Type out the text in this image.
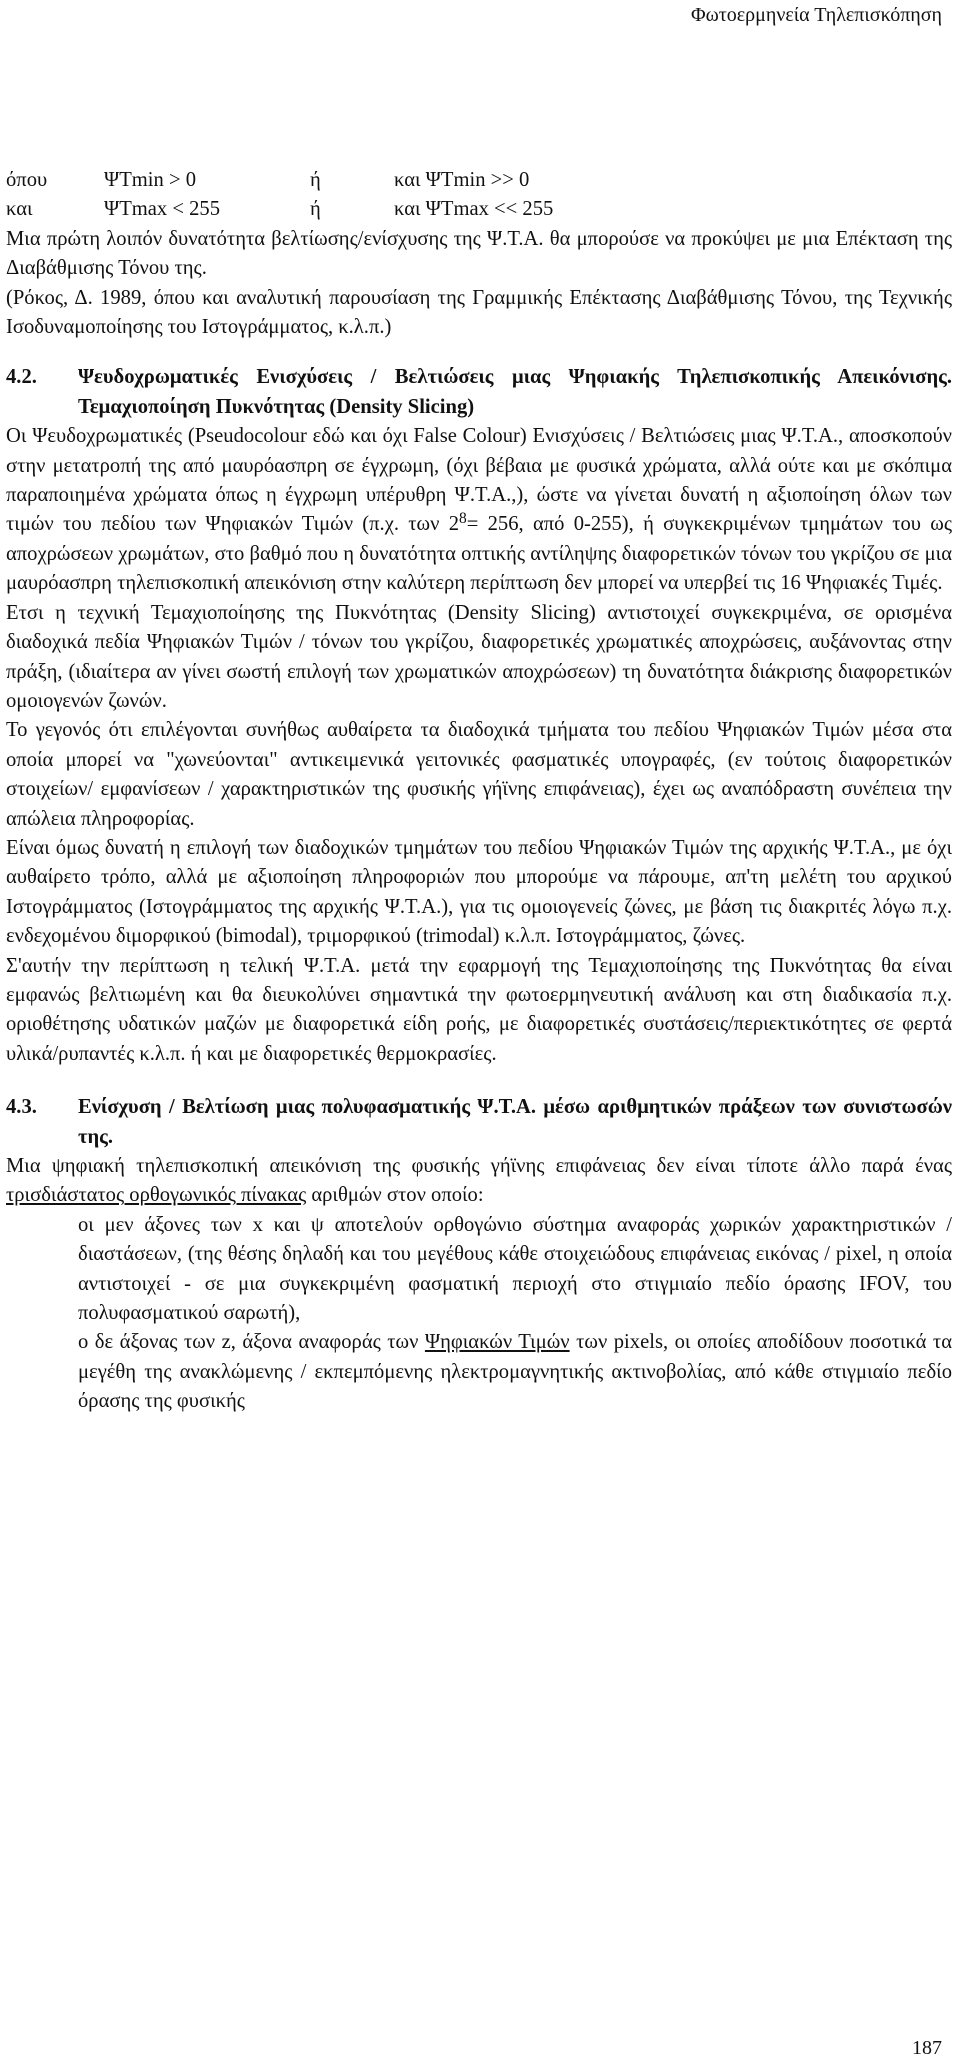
Φωτοερμηνεία Τηλεπισκόπηση
όπου	ΨTmin > 0	ή	και ΨTmin >> 0
και	ΨTmax < 255	ή	και ΨTmax << 255

Μια πρώτη λοιπόν δυνατότητα βελτίωσης/ενίσχυσης της Ψ.Τ.Α. θα μπορούσε να προκύψει με μια Επέκταση της Διαβάθμισης Τόνου της.

(Ρόκος, Δ. 1989, όπου και αναλυτική παρουσίαση της Γραμμικής Επέκτασης Διαβάθμισης Τόνου, της Τεχνικής Ισοδυναμοποίησης του Ιστογράμματος, κ.λ.π.)

4.2.	Ψευδοχρωματικές Ενισχύσεις / Βελτιώσεις μιας Ψηφιακής Τηλεπισκοπικής Απεικόνισης. Τεμαχιοποίηση Πυκνότητας (Density Slicing)

Οι Ψευδοχρωματικές (Pseudocolour εδώ και όχι False Colour) Ενισχύσεις / Βελτιώσεις μιας Ψ.Τ.Α., αποσκοπούν στην μετατροπή της από μαυρόασπρη σε έγχρωμη, (όχι βέβαια με φυσικά χρώματα, αλλά ούτε και με σκόπιμα παραποιημένα χρώματα όπως η έγχρωμη υπέρυθρη Ψ.Τ.Α.,), ώστε να γίνεται δυνατή η αξιοποίηση όλων των τιμών του πεδίου των Ψηφιακών Τιμών (π.χ. των $2^8= 256$, από 0-255), ή συγκεκριμένων τμημάτων του ως αποχρώσεων χρωμάτων, στο βαθμό που η δυνατότητα οπτικής αντίληψης διαφορετικών τόνων του γκρίζου σε μια μαυρόασπρη τηλεπισκοπική απεικόνιση στην καλύτερη περίπτωση δεν μπορεί να υπερβεί τις 16 Ψηφιακές Τιμές.

Ετσι η τεχνική Τεμαχιοποίησης της Πυκνότητας (Density Slicing) αντιστοιχεί συγκεκριμένα, σε ορισμένα διαδοχικά πεδία Ψηφιακών Τιμών / τόνων του γκρίζου, διαφορετικές χρωματικές αποχρώσεις, αυξάνοντας στην πράξη, (ιδιαίτερα αν γίνει σωστή επιλογή των χρωματικών αποχρώσεων) τη δυνατότητα διάκρισης διαφορετικών ομοιογενών ζωνών.

Το γεγονός ότι επιλέγονται συνήθως αυθαίρετα τα διαδοχικά τμήματα του πεδίου Ψηφιακών Τιμών μέσα στα οποία μπορεί να "χωνεύονται" αντικειμενικά γειτονικές φασματικές υπογραφές, (εν τούτοις διαφορετικών στοιχείων/ εμφανίσεων / χαρακτηριστικών της φυσικής γήϊνης επιφάνειας), έχει ως αναπόδραστη συνέπεια την απώλεια πληροφορίας.

Είναι όμως δυνατή η επιλογή των διαδοχικών τμημάτων του πεδίου Ψηφιακών Τιμών της αρχικής Ψ.Τ.Α., με όχι αυθαίρετο τρόπο, αλλά με αξιοποίηση πληροφοριών που μπορούμε να πάρουμε, απ'τη μελέτη του αρχικού Ιστογράμματος (Ιστογράμματος της αρχικής Ψ.Τ.Α.), για τις ομοιογενείς ζώνες, με βάση τις διακριτές λόγω π.χ. ενδεχομένου διμορφικού (bimodal), τριμορφικού (trimodal) κ.λ.π. Ιστογράμματος, ζώνες.

Σ'αυτήν την περίπτωση η τελική Ψ.Τ.Α. μετά την εφαρμογή της Τεμαχιοποίησης της Πυκνότητας θα είναι εμφανώς βελτιωμένη και θα διευκολύνει σημαντικά την φωτοερμηνευτική ανάλυση και στη διαδικασία π.χ. οριοθέτησης υδατικών μαζών με διαφορετικά είδη ροής, με διαφορετικές συστάσεις/περιεκτικότητες σε φερτά υλικά/ρυπαντές κ.λ.π. ή και με διαφορετικές θερμοκρασίες.

4.3.	Ενίσχυση / Βελτίωση μιας πολυφασματικής Ψ.Τ.Α. μέσω αριθμητικών πράξεων των συνιστωσών της.

Μια ψηφιακή τηλεπισκοπική απεικόνιση της φυσικής γήϊνης επιφάνειας δεν είναι τίποτε άλλο παρά ένας τρισδιάστατος ορθογωνικός πίνακας αριθμών στον οποίο:

οι μεν άξονες των x και ψ αποτελούν ορθογώνιο σύστημα αναφοράς χωρικών χαρακτηριστικών / διαστάσεων, (της θέσης δηλαδή και του μεγέθους κάθε στοιχειώδους επιφάνειας εικόνας / pixel, η οποία αντιστοιχεί - σε μια συγκεκριμένη φασματική περιοχή στο στιγμιαίο πεδίο όρασης IFOV, του πολυφασματικού σαρωτή),

ο δε άξονας των z, άξονα αναφοράς των Ψηφιακών Τιμών των pixels, οι οποίες αποδίδουν ποσοτικά τα μεγέθη της ανακλώμενης / εκπεμπόμενης ηλεκτρομαγνητικής ακτινοβολίας, από κάθε στιγμιαίο πεδίο όρασης της φυσικής

187
